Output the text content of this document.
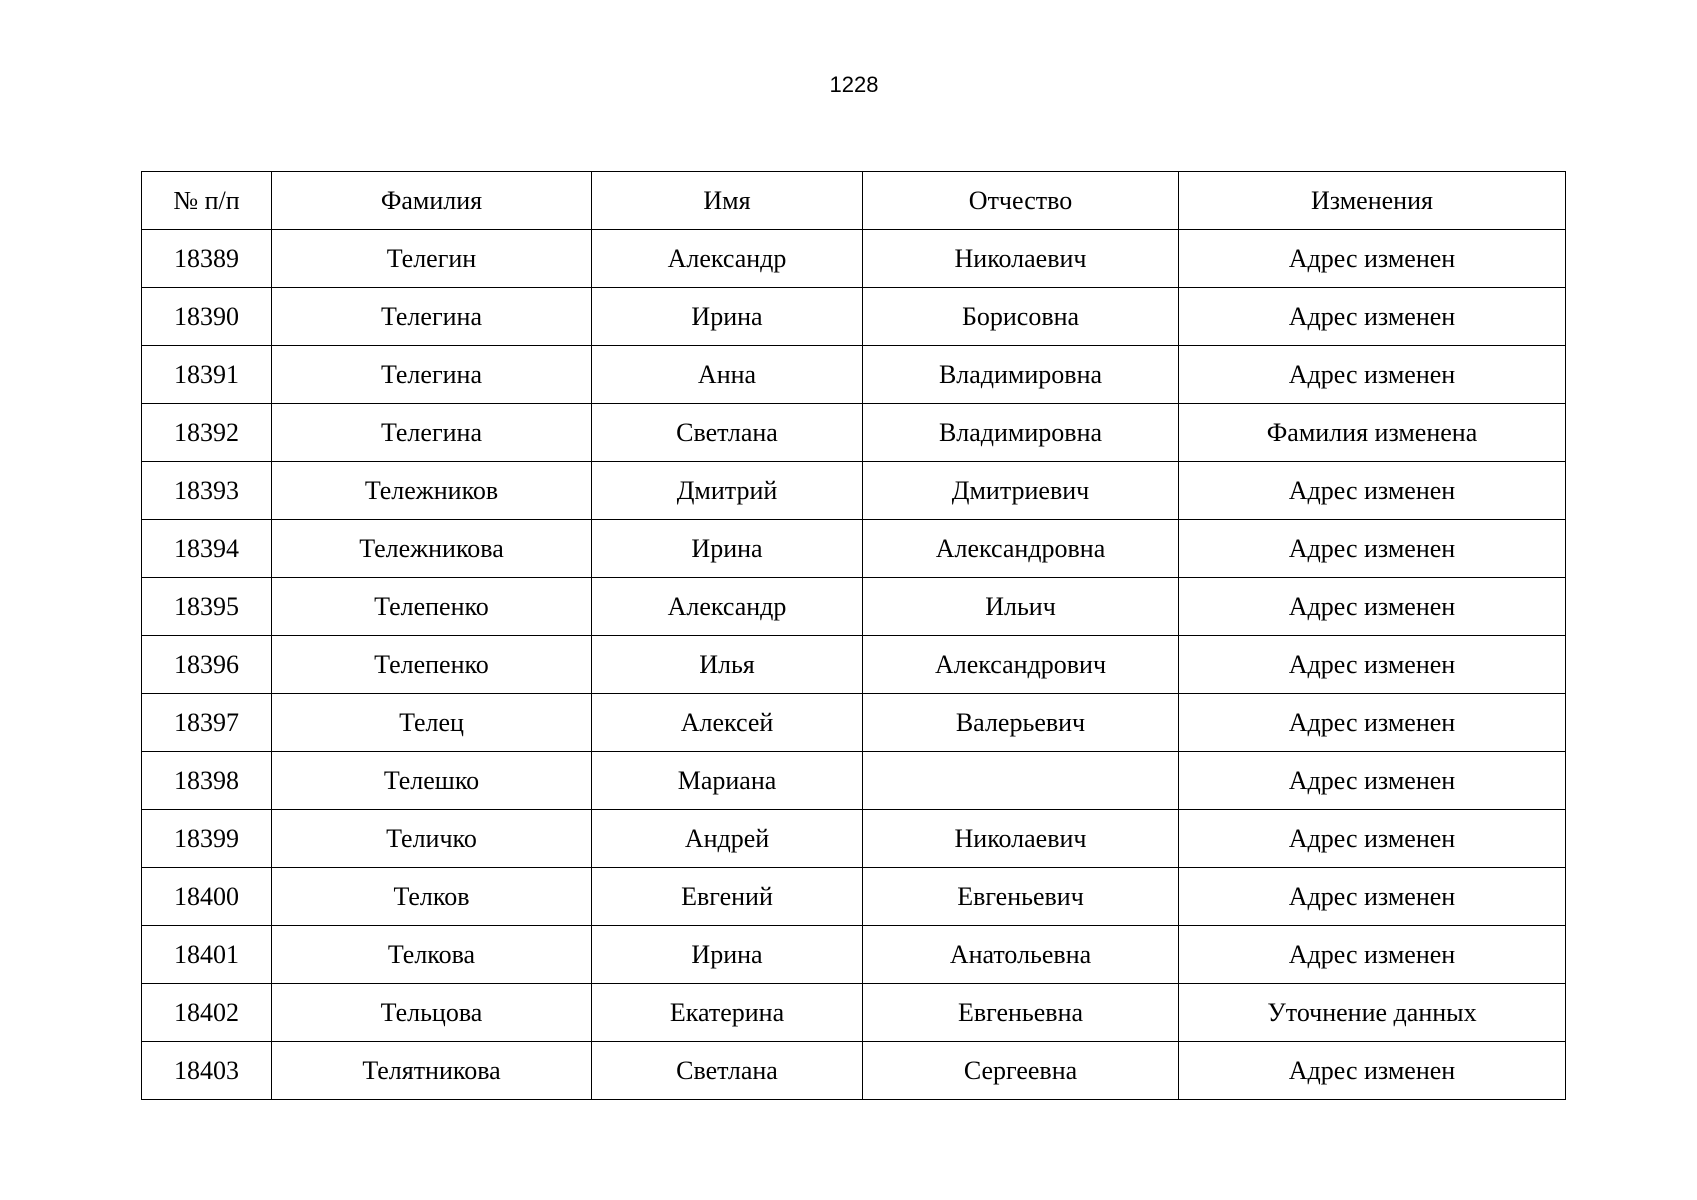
1228
№ п/п	Фамилия	Имя	Отчество	Изменения
18389	Телегин	Александр	Николаевич	Адрес изменен
18390	Телегина	Ирина	Борисовна	Адрес изменен
18391	Телегина	Анна	Владимировна	Адрес изменен
18392	Телегина	Светлана	Владимировна	Фамилия изменена
18393	Тележников	Дмитрий	Дмитриевич	Адрес изменен
18394	Тележникова	Ирина	Александровна	Адрес изменен
18395	Телепенко	Александр	Ильич	Адрес изменен
18396	Телепенко	Илья	Александрович	Адрес изменен
18397	Телец	Алексей	Валерьевич	Адрес изменен
18398	Телешко	Мариана		Адрес изменен
18399	Теличко	Андрей	Николаевич	Адрес изменен
18400	Телков	Евгений	Евгеньевич	Адрес изменен
18401	Телкова	Ирина	Анатольевна	Адрес изменен
18402	Тельцова	Екатерина	Евгеньевна	Уточнение данных
18403	Телятникова	Светлана	Сергеевна	Адрес изменен
